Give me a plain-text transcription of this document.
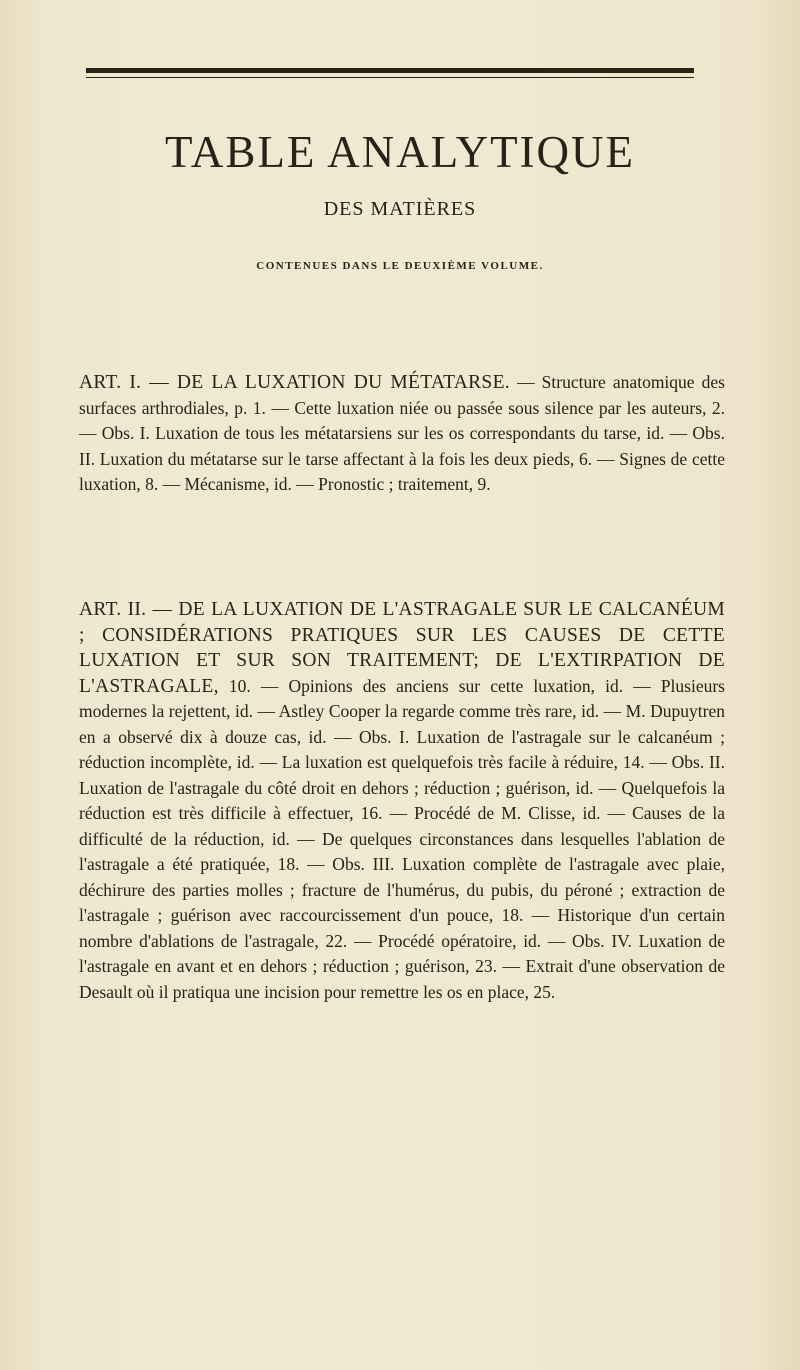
TABLE ANALYTIQUE
DES MATIÈRES
CONTENUES DANS LE DEUXIÈME VOLUME.
ART. I. — DE LA LUXATION DU MÉTATARSE. — Structure anatomique des surfaces arthrodiales, p. 1. — Cette luxation niée ou passée sous silence par les auteurs, 2. — Obs. I. Luxation de tous les métatarsiens sur les os correspondants du tarse, id. — Obs. II. Luxation du métatarse sur le tarse affectant à la fois les deux pieds, 6. — Signes de cette luxation, 8. — Mécanisme, id. — Pronostic ; traitement, 9.
ART. II. — DE LA LUXATION DE L'ASTRAGALE SUR LE CALCANÉUM ; CONSIDÉRATIONS PRATIQUES SUR LES CAUSES DE CETTE LUXATION ET SUR SON TRAITEMENT; DE L'EXTIRPATION DE L'ASTRAGALE, 10. — Opinions des anciens sur cette luxation, id. — Plusieurs modernes la rejettent, id. — Astley Cooper la regarde comme très rare, id. — M. Dupuytren en a observé dix à douze cas, id. — Obs. I. Luxation de l'astragale sur le calcanéum ; réduction incomplète, id. — La luxation est quelquefois très facile à réduire, 14. — Obs. II. Luxation de l'astragale du côté droit en dehors ; réduction ; guérison, id. — Quelquefois la réduction est très difficile à effectuer, 16. — Procédé de M. Clisse, id. — Causes de la difficulté de la réduction, id. — De quelques circonstances dans lesquelles l'ablation de l'astragale a été pratiquée, 18. — Obs. III. Luxation complète de l'astragale avec plaie, déchirure des parties molles ; fracture de l'humérus, du pubis, du péroné ; extraction de l'astragale ; guérison avec raccourcissement d'un pouce, 18. — Historique d'un certain nombre d'ablations de l'astragale, 22. — Procédé opératoire, id. — Obs. IV. Luxation de l'astragale en avant et en dehors ; réduction ; guérison, 23. — Extrait d'une observation de Desault où il pratiqua une incision pour remettre les os en place, 25.
